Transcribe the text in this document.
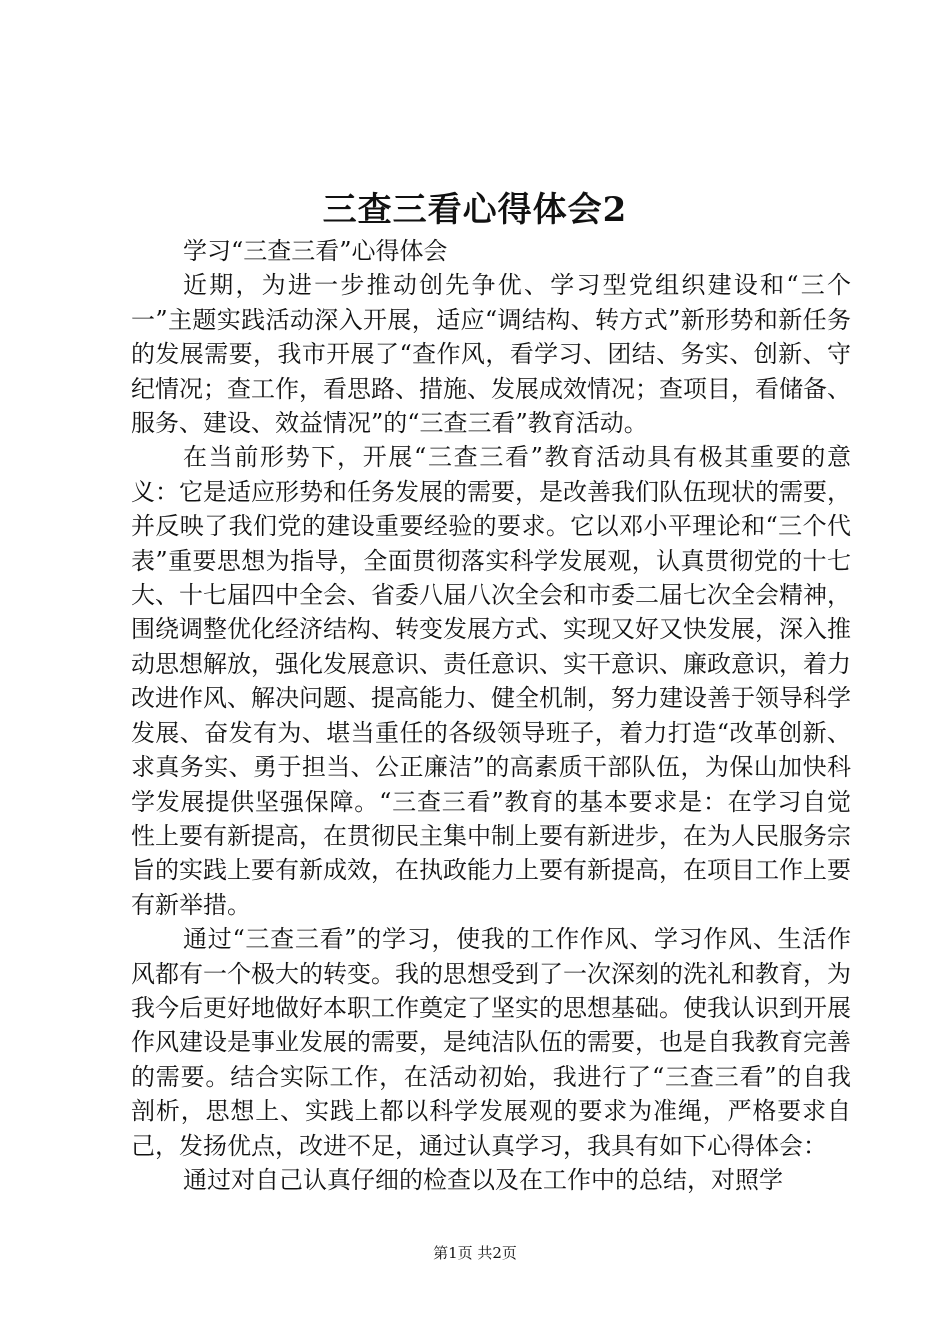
三查三看心得体会2

学习“三查三看”心得体会

近期，为进一步推动创先争优、学习型党组织建设和“三个一”主题实践活动深入开展，适应“调结构、转方式”新形势和新任务的发展需要，我市开展了“查作风，看学习、团结、务实、创新、守纪情况；查工作，看思路、措施、发展成效情况；查项目，看储备、服务、建设、效益情况”的“三查三看”教育活动。

在当前形势下，开展“三查三看”教育活动具有极其重要的意义：它是适应形势和任务发展的需要，是改善我们队伍现状的需要，并反映了我们党的建设重要经验的要求。它以邓小平理论和“三个代表”重要思想为指导，全面贯彻落实科学发展观，认真贯彻党的十七大、十七届四中全会、省委八届八次全会和市委二届七次全会精神，围绕调整优化经济结构、转变发展方式、实现又好又快发展，深入推动思想解放，强化发展意识、责任意识、实干意识、廉政意识，着力改进作风、解决问题、提高能力、健全机制，努力建设善于领导科学发展、奋发有为、堪当重任的各级领导班子，着力打造“改革创新、求真务实、勇于担当、公正廉洁”的高素质干部队伍，为保山加快科学发展提供坚强保障。“三查三看”教育的基本要求是：在学习自觉性上要有新提高，在贯彻民主集中制上要有新进步，在为人民服务宗旨的实践上要有新成效，在执政能力上要有新提高，在项目工作上要有新举措。

通过“三查三看”的学习，使我的工作作风、学习作风、生活作风都有一个极大的转变。我的思想受到了一次深刻的洗礼和教育，为我今后更好地做好本职工作奠定了坚实的思想基础。使我认识到开展作风建设是事业发展的需要，是纯洁队伍的需要，也是自我教育完善的需要。结合实际工作，在活动初始，我进行了“三查三看”的自我剖析，思想上、实践上都以科学发展观的要求为准绳，严格要求自己，发扬优点，改进不足，通过认真学习，我具有如下心得体会：

通过对自己认真仔细的检查以及在工作中的总结，对照学

第1页 共2页
